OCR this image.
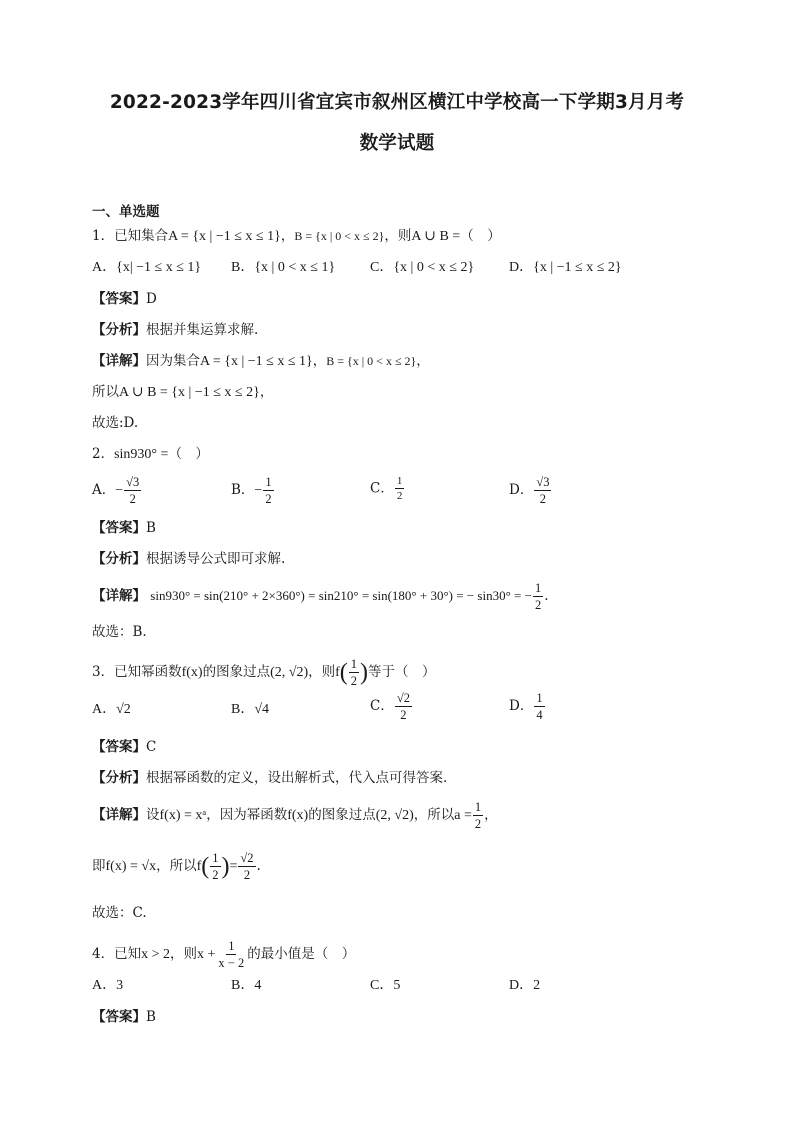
2022-2023学年四川省宜宾市叙州区横江中学校高一下学期3月月考
数学试题
一、单选题
1．已知集合A = {x | −1 ≤ x ≤ 1}，B = {x | 0 < x ≤ 2}，则A ∪ B =（　）
A．{x| −1 ≤ x ≤ 1} B．{x | 0 < x ≤ 1} C．{x | 0 < x ≤ 2} D．{x | −1 ≤ x ≤ 2}
【答案】D
【分析】根据并集运算求解.
【详解】因为集合A = {x | −1 ≤ x ≤ 1}，B = {x | 0 < x ≤ 2}，
所以A ∪ B = {x | −1 ≤ x ≤ 2}，
故选:D.
2．sin930° =（　）
A．− $\frac{√3}{2}$	B．− $\frac{1}{2}$	C． $\frac{1}{2}$	D． $\frac{√3}{2}$
【答案】B
【分析】根据诱导公式即可求解.
【详解】 sin930° = sin(210° + 2×360°) = sin210° = sin(180° + 30°) = − sin30° = − $\frac{1}{2}$ .
故选：B.
3．已知幂函数f(x)的图象过点(2, √2)，则$f( \frac{1}{2}$ )等于（　）
A．√2	B．√4	C． $\frac{√2}{2}$	D． $\frac{1}{4}$
【答案】C
【分析】根据幂函数的定义，设出解析式，代入点可得答案.
【详解】设f(x) = xᵃ，因为幂函数f(x)的图象过点(2, √2)，所以$a = \frac{1}{2}$ ，
即f(x) = √x，所以$f( \frac{1}{2}$ )= $\frac{√2}{2}$ .
故选：C.
4．已知x > 2，则$x + \frac{1}{x - 2}$ 的最小值是（　）
A．3	B．4	C．5	D．2
【答案】B
